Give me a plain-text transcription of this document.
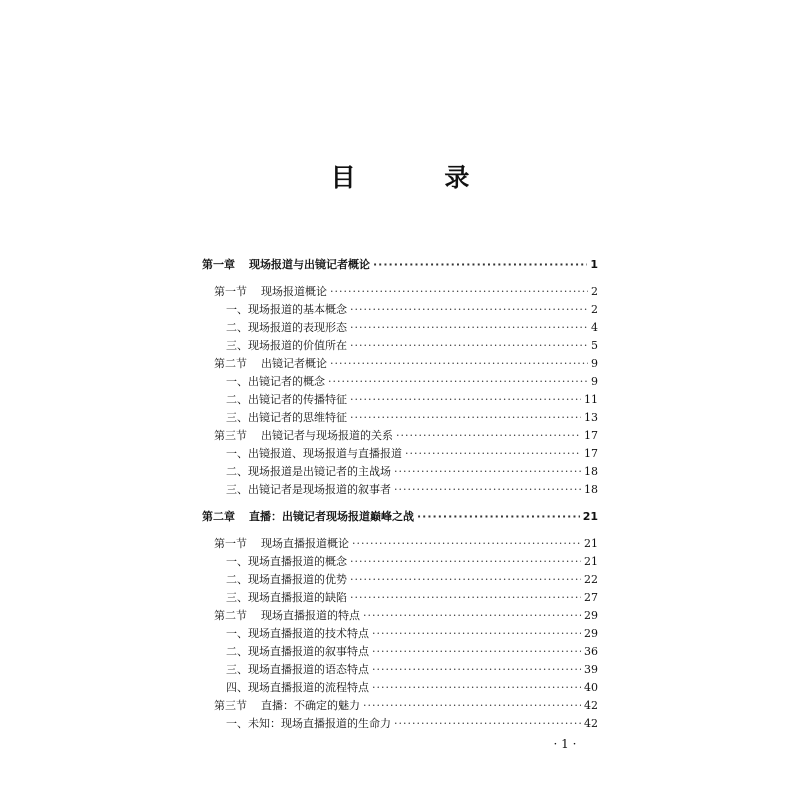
目 录
第一章 现场报道与出镜记者概论 ·····	1
第一节 现场报道概论 ·····	2
一、现场报道的基本概念 ·····	2
二、现场报道的表现形态 ·····	4
三、现场报道的价值所在 ·····	5
第二节 出镜记者概论 ·····	9
一、出镜记者的概念 ·····	9
二、出镜记者的传播特征 ·····	11
三、出镜记者的思维特征 ·····	13
第三节 出镜记者与现场报道的关系 ·····	17
一、出镜报道、现场报道与直播报道 ·····	17
二、现场报道是出镜记者的主战场 ·····	18
三、出镜记者是现场报道的叙事者 ·····	18
第二章 直播：出镜记者现场报道巅峰之战 ·····	21
第一节 现场直播报道概论 ·····	21
一、现场直播报道的概念 ·····	21
二、现场直播报道的优势 ·····	22
三、现场直播报道的缺陷 ·····	27
第二节 现场直播报道的特点 ·····	29
一、现场直播报道的技术特点 ·····	29
二、现场直播报道的叙事特点 ·····	36
三、现场直播报道的语态特点 ·····	39
四、现场直播报道的流程特点 ·····	40
第三节 直播：不确定的魅力 ·····	42
一、未知：现场直播报道的生命力 ·····	42
· 1 ·
